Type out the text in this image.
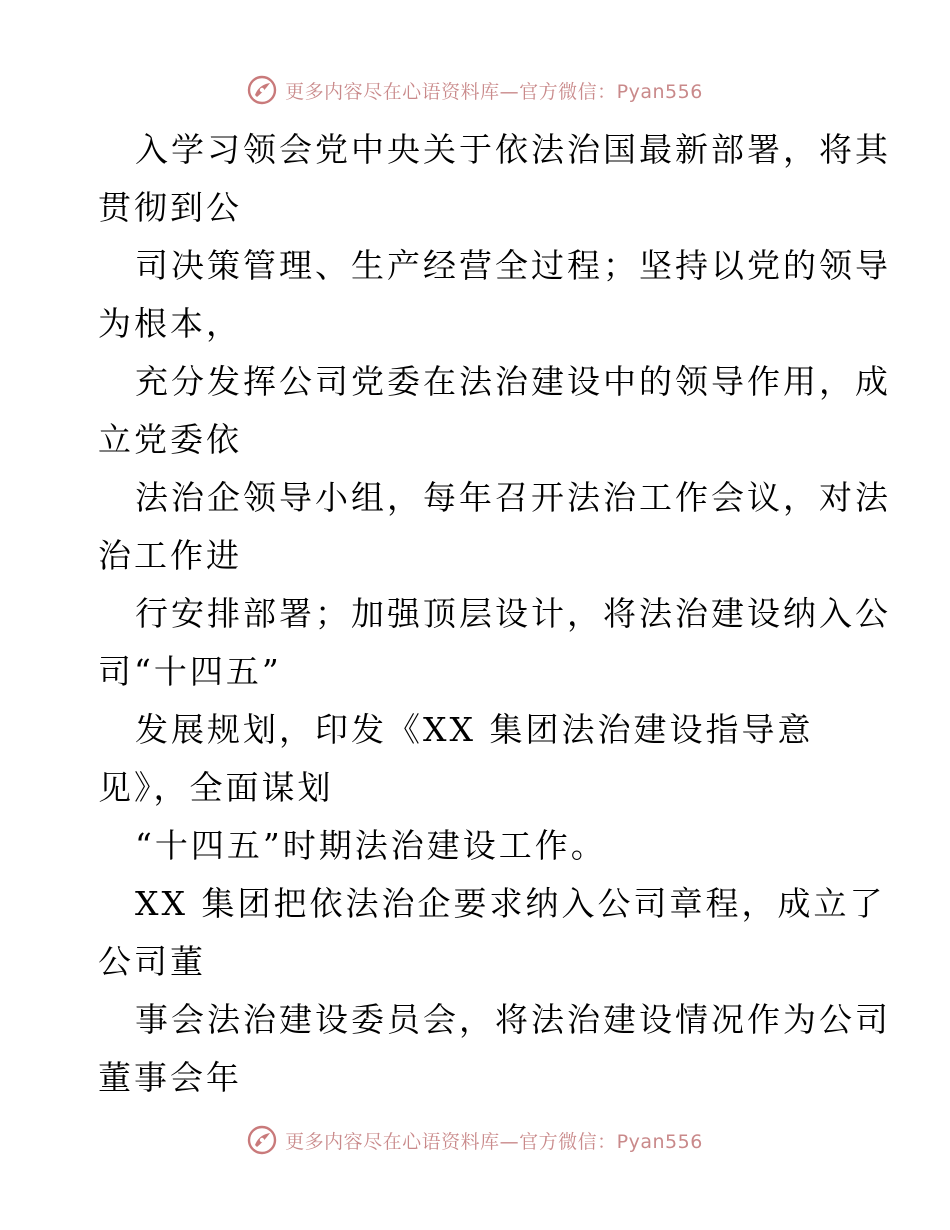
更多内容尽在心语资料库—官方微信：Pyan556
入学习领会党中央关于依法治国最新部署，将其
贯彻到公
司决策管理、生产经营全过程；坚持以党的领导
为根本，
充分发挥公司党委在法治建设中的领导作用，成
立党委依
法治企领导小组，每年召开法治工作会议，对法
治工作进
行安排部署；加强顶层设计，将法治建设纳入公
司“十四五”
发展规划，印发《XX 集团法治建设指导意
见》，全面谋划
“十四五”时期法治建设工作。
XX 集团把依法治企要求纳入公司章程，成立了
公司董
事会法治建设委员会，将法治建设情况作为公司
董事会年
更多内容尽在心语资料库—官方微信：Pyan556
